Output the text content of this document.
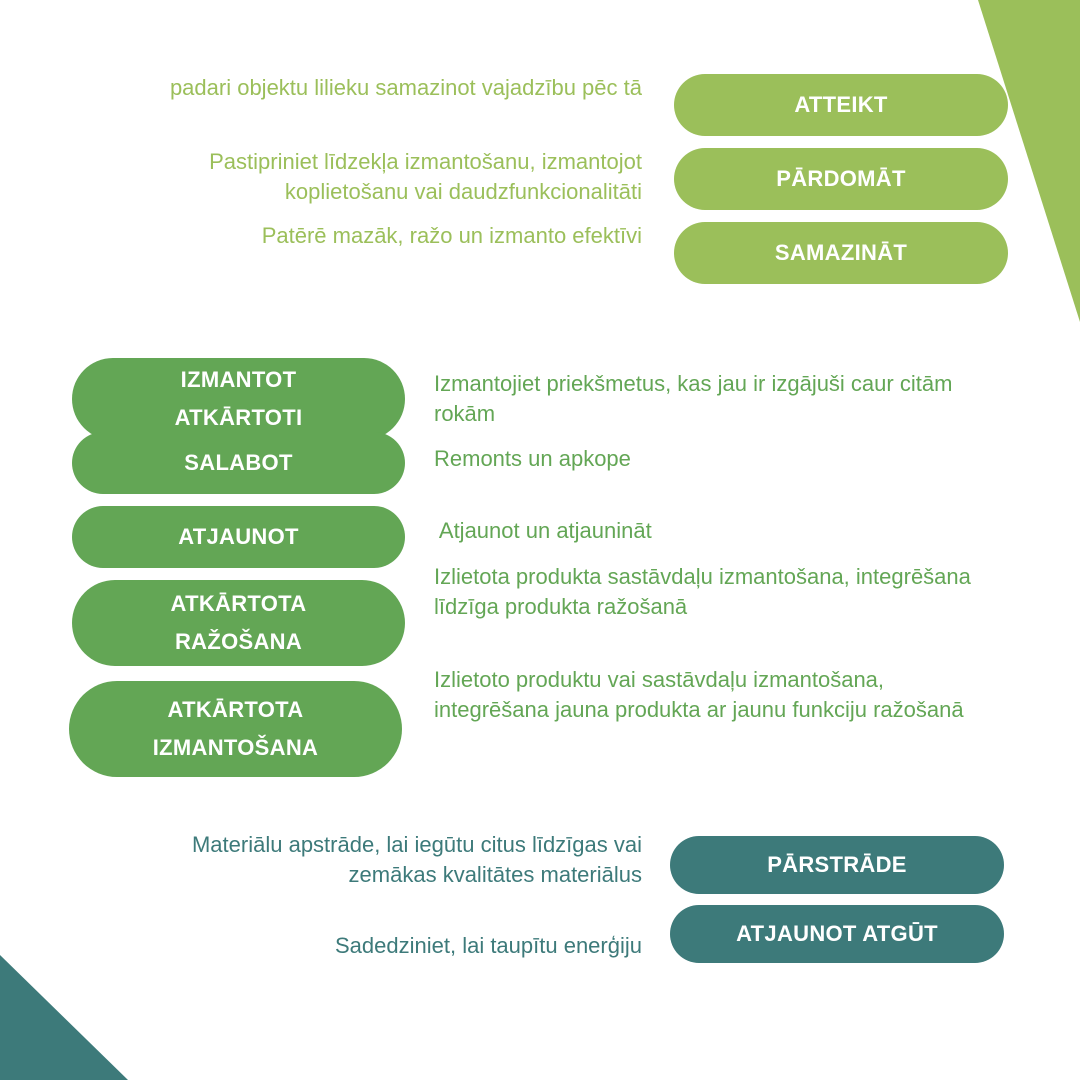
padari objektu lilieku samazinot vajadzību pēc tā
ATTEIKT
Pastipriniet līdzekļa izmantošanu, izmantojot koplietošanu vai daudzfunkcionalitāti
PĀRDOMĀT
Patērē mazāk, ražo un izmanto efektīvi
SAMAZINĀT
IZMANTOT
ATKĀRTOTI
SALABOT
ATJAUNOT
ATKĀRTOTA
RAŽOŠANA
ATKĀRTOTA
IZMANTOŠANA
Izmantojiet priekšmetus, kas jau ir izgājuši caur citām rokām
Remonts un apkope
Atjaunot un atjaunināt
Izlietota produkta sastāvdaļu izmantošana, integrēšana līdzīga produkta ražošanā
Izlietoto produktu vai sastāvdaļu izmantošana, integrēšana jauna produkta ar jaunu funkciju ražošanā
Materiālu apstrāde, lai iegūtu citus līdzīgas vai zemākas kvalitātes materiālus	PĀRSTRĀDE
Sadedziniet, lai taupītu enerģiju	ATJAUNOT ATGŪT
